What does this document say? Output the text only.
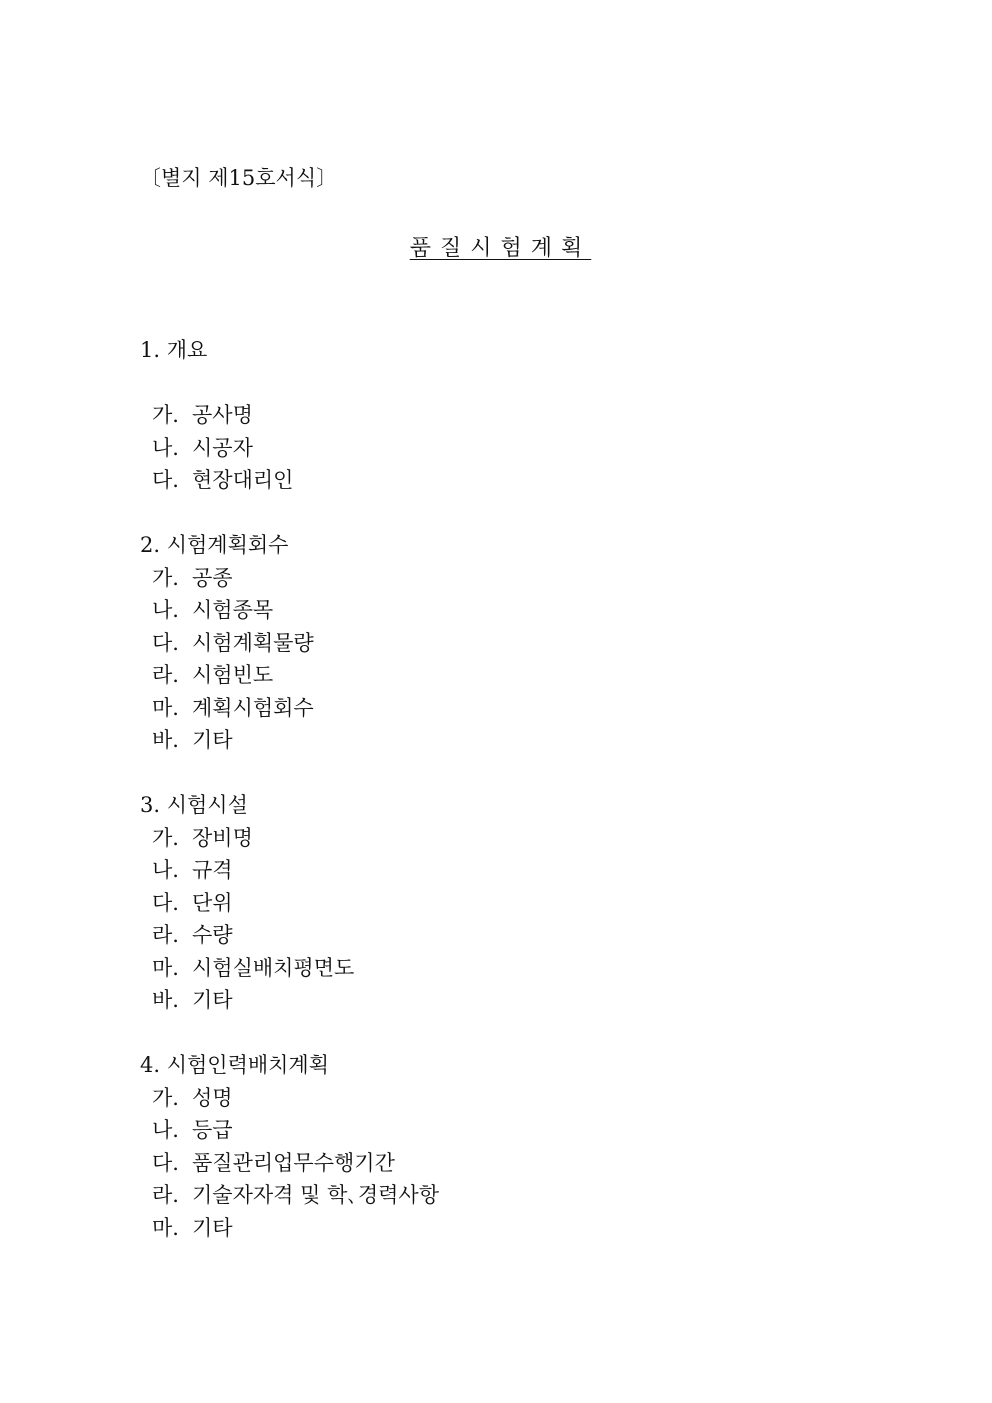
〔별지 제15호서식〕
품질시험계획
1. 개요
가. 공사명
나. 시공자
다. 현장대리인
2. 시험계획회수
가. 공종
나. 시험종목
다. 시험계획물량
라. 시험빈도
마. 계획시험회수
바. 기타
3. 시험시설
가. 장비명
나. 규격
다. 단위
라. 수량
마. 시험실배치평면도
바. 기타
4. 시험인력배치계획
가. 성명
나. 등급
다. 품질관리업무수행기간
라. 기술자자격 및 학､경력사항
마. 기타
